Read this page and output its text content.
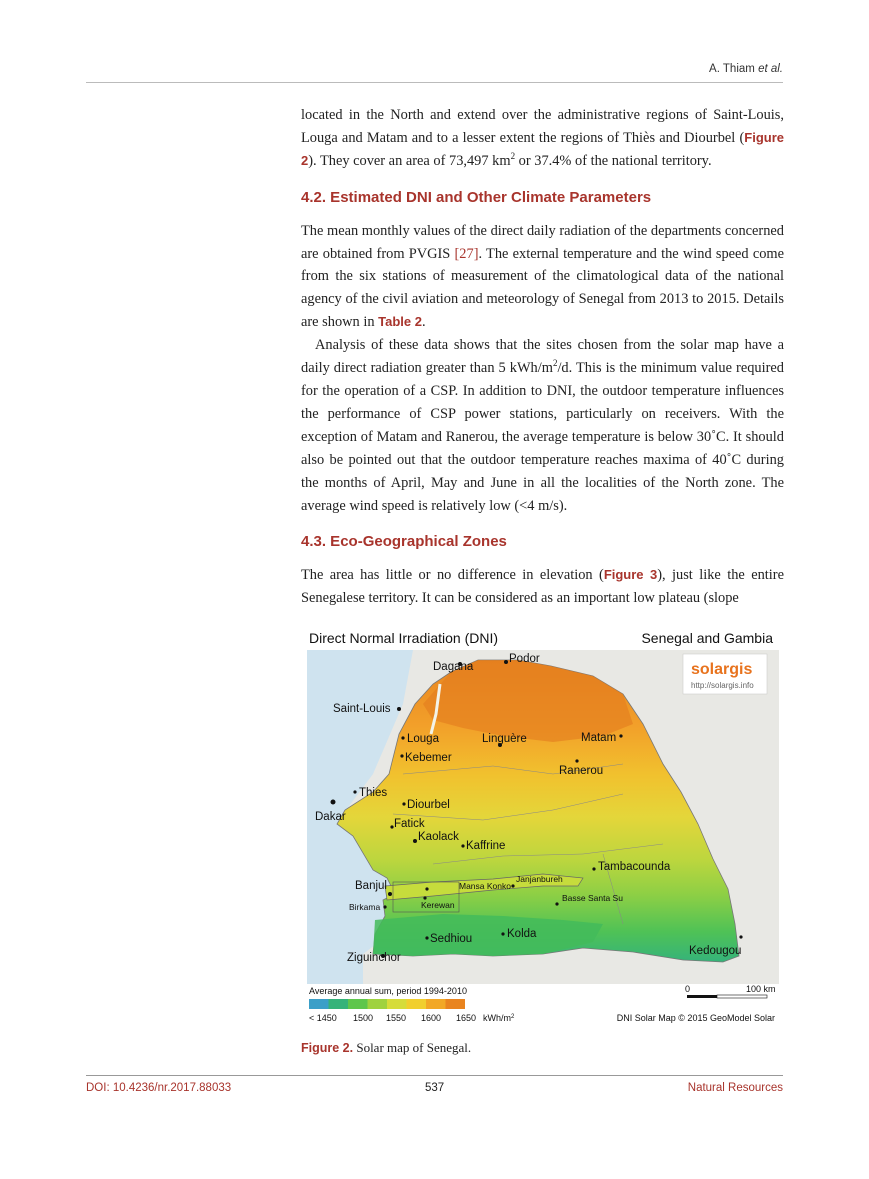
A. Thiam et al.

located in the North and extend over the administrative regions of Saint-Louis, Louga and Matam and to a lesser extent the regions of Thiès and Diourbel (Figure 2). They cover an area of 73,497 $km^2$ or 37.4% of the national territory.

4.2. Estimated DNI and Other Climate Parameters

The mean monthly values of the direct daily radiation of the departments concerned are obtained from PVGIS [27]. The external temperature and the wind speed come from the six stations of measurement of the climatological data of the national agency of the civil aviation and meteorology of Senegal from 2013 to 2015. Details are shown in Table 2.

Analysis of these data shows that the sites chosen from the solar map have a daily direct radiation greater than 5 kWh/$m^2/d$. This is the minimum value required for the operation of a CSP. In addition to DNI, the outdoor temperature influences the performance of CSP power stations, particularly on receivers. With the exception of Matam and Ranerou, the average temperature is below 30˚C. It should also be pointed out that the outdoor temperature reaches maxima of 40˚C during the months of April, May and June in all the localities of the North zone. The average wind speed is relatively low (<4 m/s).

4.3. Eco-Geographical Zones

The area has little or no difference in elevation (Figure 3), just like the entire Senegalese territory. It can be considered as an important low plateau (slope

Direct Normal Irradiation (DNI)	Senegal and Gambia
solargis
http://solargis.info
Dagana
Podor
Saint-Louis
Louga	Linguère	Matam
Kebemer
Ranerou
Thies
Diourbel
Dakar
Fatick
Kaolack
Kaffrine
Tambacounda
Banjul
Janjanbureh
Mansa Konko
Kerewan
Basse Santa Su
Birkama
Sedhiou	Kolda
Kedougou
Ziguinchor
Average annual sum, period 1994-2010
< 1450 1500 1550 1600 1650 kWh/$m^2$
0	100 km
DNI Solar Map © 2015 GeoModel Solar
Figure 2. Solar map of Senegal.
DOI: 10.4236/nr.2017.88033	537	Natural Resources
